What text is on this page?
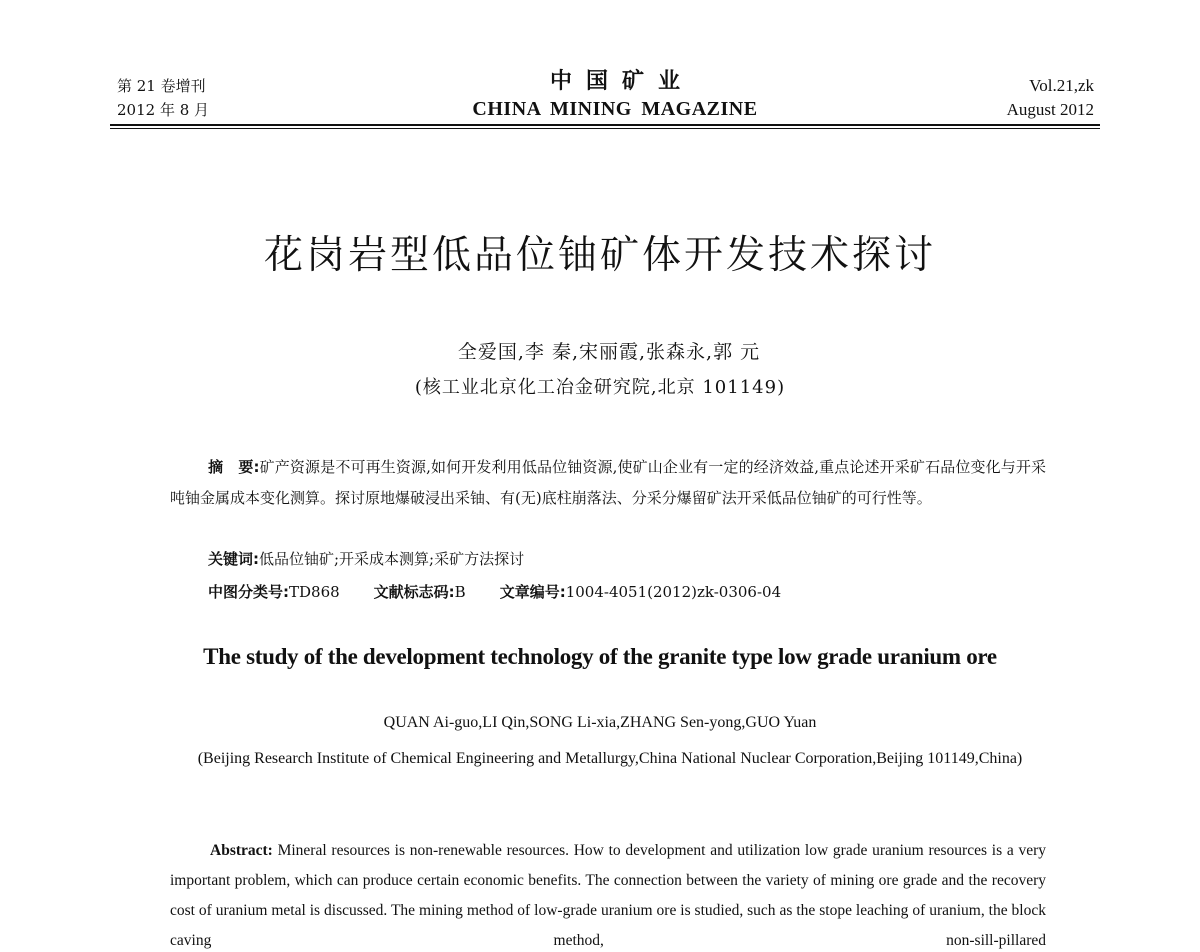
第 21 卷增刊
2012 年 8 月
中国矿业
CHINA MINING MAGAZINE
Vol.21,zk
August 2012
花岗岩型低品位铀矿体开发技术探讨
全爱国,李 秦,宋丽霞,张森永,郭 元
(核工业北京化工冶金研究院,北京 101149)
摘　要:矿产资源是不可再生资源,如何开发利用低品位铀资源,使矿山企业有一定的经济效益,重点论述开采矿石品位变化与开采吨铀金属成本变化测算。探讨原地爆破浸出采铀、有(无)底柱崩落法、分采分爆留矿法开采低品位铀矿的可行性等。
关键词:低品位铀矿;开采成本测算;采矿方法探讨
中图分类号:TD868 文献标志码:B 文章编号:1004-4051(2012)zk-0306-04
The study of the development technology of the granite type low grade uranium ore
QUAN Ai-guo,LI Qin,SONG Li-xia,ZHANG Sen-yong,GUO Yuan
(Beijing Research Institute of Chemical Engineering and Metallurgy,China National Nuclear Corporation,Beijing 101149,China)
Abstract: Mineral resources is non-renewable resources. How to development and utilization low grade uranium resources is a very important problem, which can produce certain economic benefits. The connection between the variety of mining ore grade and the recovery cost of uranium metal is discussed. The mining method of low-grade uranium ore is studied, such as the stope leaching of uranium, the block caving method, non-sill-pillared
